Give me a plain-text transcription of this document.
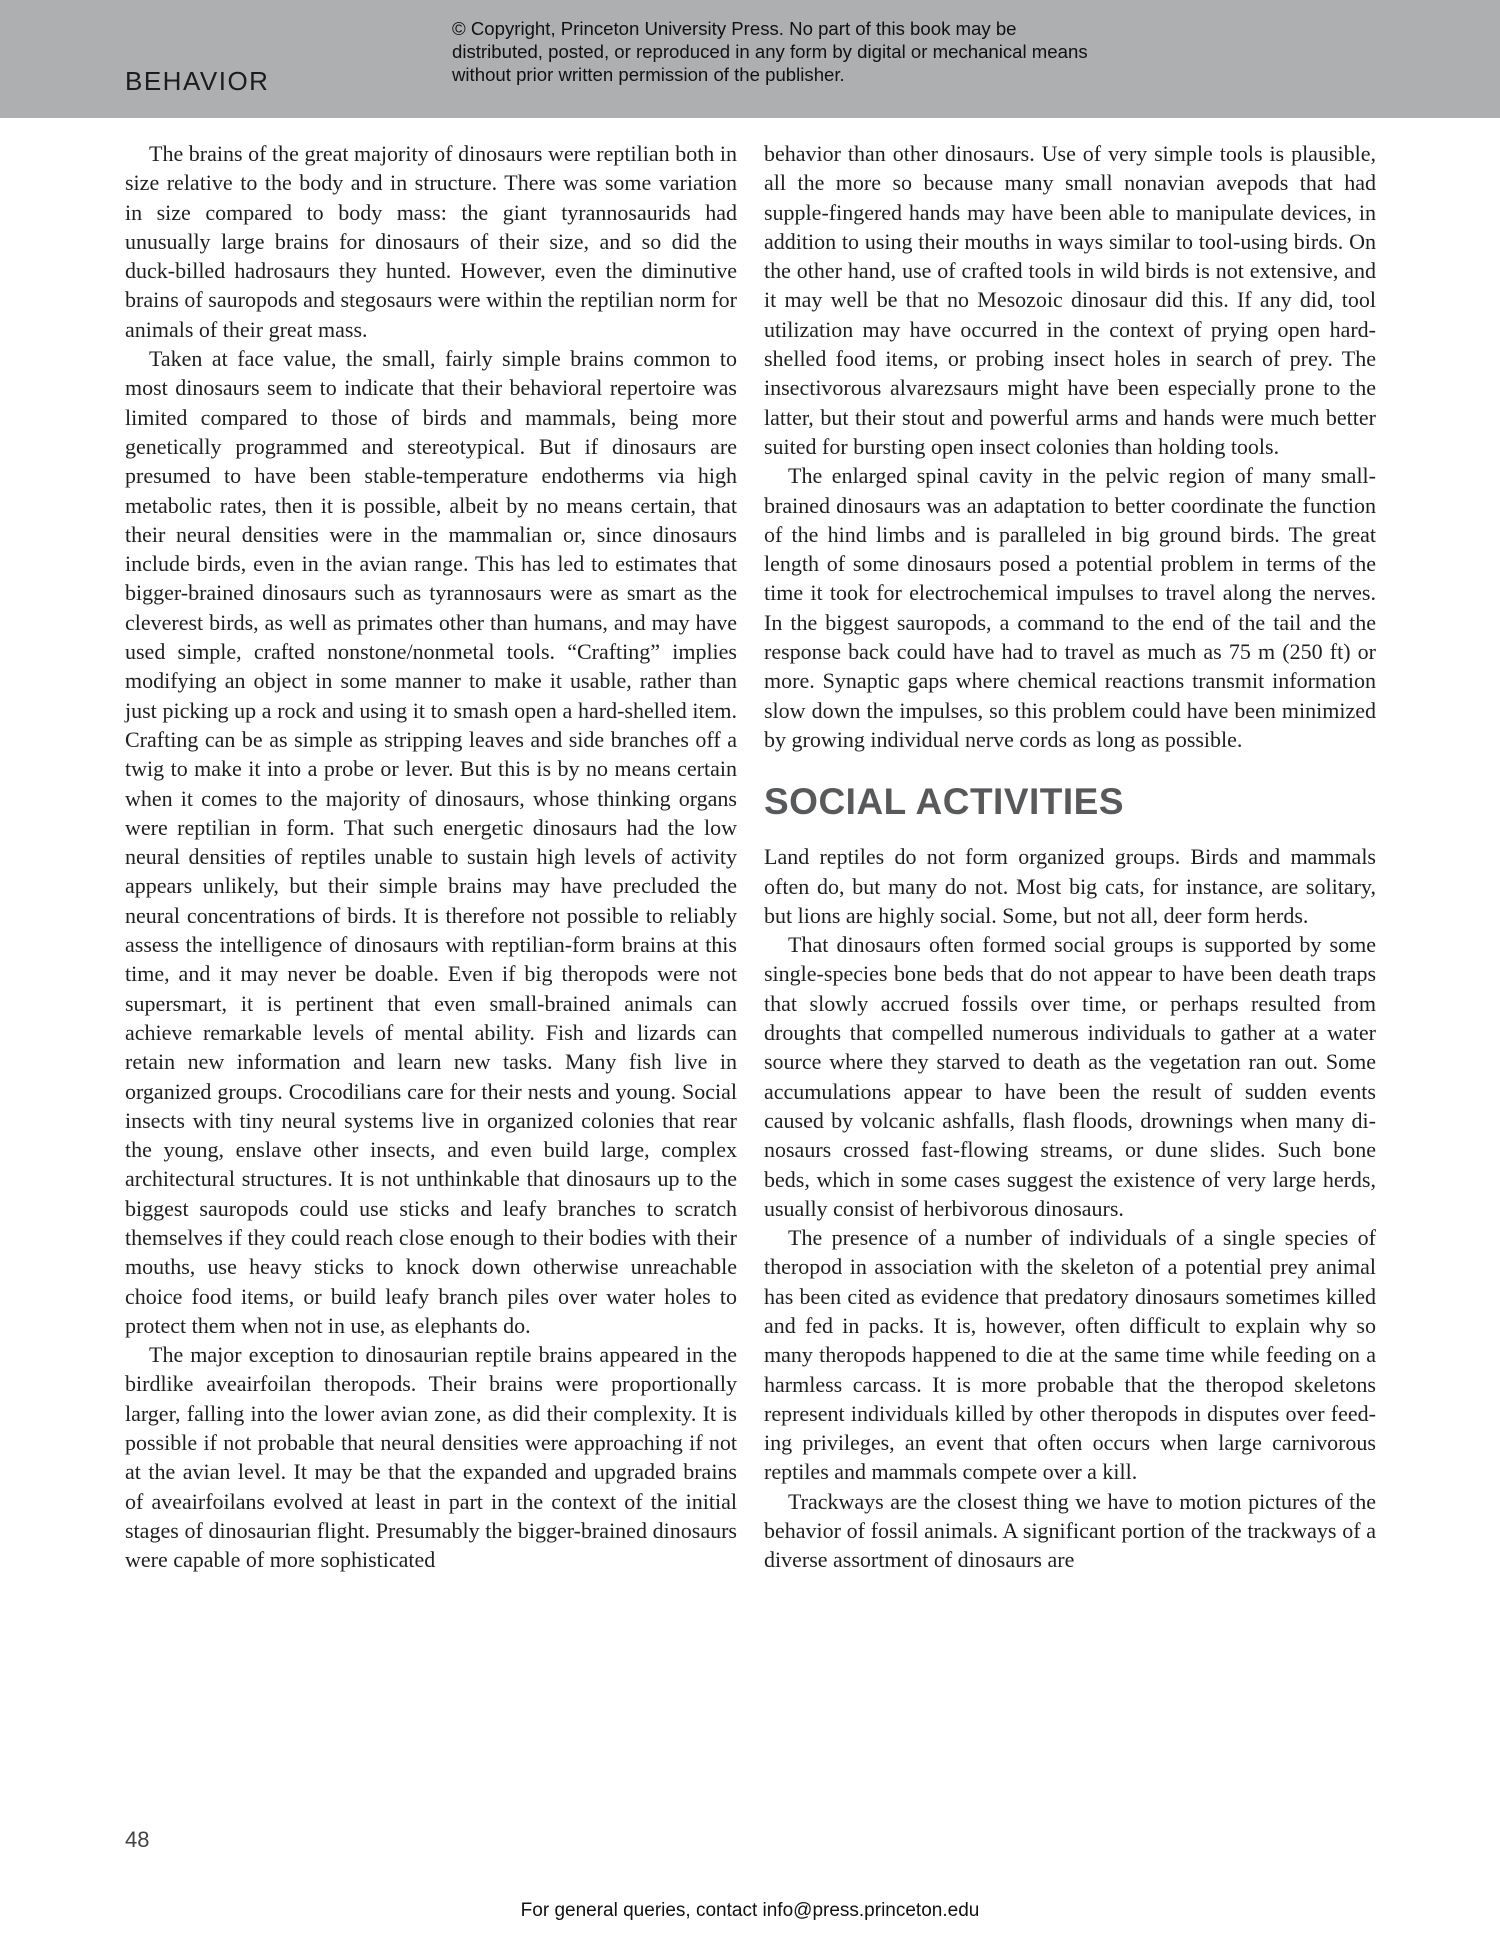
BEHAVIOR
© Copyright, Princeton University Press. No part of this book may be distributed, posted, or reproduced in any form by digital or mechanical means without prior written permission of the publisher.

The brains of the great majority of dinosaurs were reptilian both in size relative to the body and in structure. There was some variation in size compared to body mass: the giant tyrannosaurids had unusually large brains for dinosaurs of their size, and so did the duck-billed hadrosaurs they hunted. However, even the diminutive brains of sauropods and stegosaurs were within the reptilian norm for animals of their great mass.

Taken at face value, the small, fairly simple brains common to most dinosaurs seem to indicate that their behavioral repertoire was limited compared to those of birds and mammals, being more genetically programmed and stereotypical. But if dinosaurs are presumed to have been stable-temperature endotherms via high metabolic rates, then it is possible, albeit by no means certain, that their neural densities were in the mammalian or, since dinosaurs include birds, even in the avian range. This has led to estimates that bigger-brained dinosaurs such as tyrannosaurs were as smart as the cleverest birds, as well as primates other than humans, and may have used simple, crafted nonstone/nonmetal tools. “Crafting” implies modifying an object in some manner to make it usable, rather than just picking up a rock and using it to smash open a hard-shelled item. Crafting can be as simple as stripping leaves and side branches off a twig to make it into a probe or lever. But this is by no means certain when it comes to the majority of dinosaurs, whose thinking organs were reptilian in form. That such energetic dinosaurs had the low neural densities of reptiles unable to sustain high levels of activity appears unlikely, but their simple brains may have precluded the neural concentrations of birds. It is therefore not possible to reliably assess the intelligence of dinosaurs with reptilian-form brains at this time, and it may never be doable. Even if big theropods were not supersmart, it is pertinent that even small-brained animals can achieve remarkable levels of mental ability. Fish and lizards can retain new information and learn new tasks. Many fish live in organized groups. Crocodilians care for their nests and young. Social insects with tiny neural systems live in organized colonies that rear the young, enslave other insects, and even build large, complex architectural structures. It is not unthinkable that dinosaurs up to the biggest sauropods could use sticks and leafy branches to scratch themselves if they could reach close enough to their bodies with their mouths, use heavy sticks to knock down otherwise unreachable choice food items, or build leafy branch piles over water holes to protect them when not in use, as elephants do.

The major exception to dinosaurian reptile brains appeared in the birdlike aveairfoilan theropods. Their brains were proportionally larger, falling into the lower avian zone, as did their complexity. It is possible if not probable that neural densities were approaching if not at the avian level. It may be that the expanded and upgraded brains of aveairfoilans evolved at least in part in the context of the initial stages of dinosaurian flight. Presumably the bigger-brained dinosaurs were capable of more sophisticated

behavior than other dinosaurs. Use of very simple tools is plausible, all the more so because many small nonavian avepods that had supple-fingered hands may have been able to manipulate devices, in addition to using their mouths in ways similar to tool-using birds. On the other hand, use of crafted tools in wild birds is not extensive, and it may well be that no Mesozoic dinosaur did this. If any did, tool utilization may have occurred in the context of prying open hard-shelled food items, or probing insect holes in search of prey. The insectivorous alvarezsaurs might have been especially prone to the latter, but their stout and powerful arms and hands were much better suited for bursting open insect colonies than holding tools.

The enlarged spinal cavity in the pelvic region of many small-brained dinosaurs was an adaptation to better coordinate the function of the hind limbs and is paralleled in big ground birds. The great length of some dinosaurs posed a potential problem in terms of the time it took for electrochemical impulses to travel along the nerves. In the biggest sauropods, a command to the end of the tail and the response back could have had to travel as much as 75 m (250 ft) or more. Synaptic gaps where chemical reactions transmit information slow down the impulses, so this problem could have been minimized by growing individual nerve cords as long as possible.

SOCIAL ACTIVITIES

Land reptiles do not form organized groups. Birds and mammals often do, but many do not. Most big cats, for instance, are solitary, but lions are highly social. Some, but not all, deer form herds.

That dinosaurs often formed social groups is supported by some single-species bone beds that do not appear to have been death traps that slowly accrued fossils over time, or perhaps resulted from droughts that compelled numerous individuals to gather at a water source where they starved to death as the vegetation ran out. Some accumulations appear to have been the result of sudden events caused by volcanic ashfalls, flash floods, drownings when many dinosaurs crossed fast-flowing streams, or dune slides. Such bone beds, which in some cases suggest the existence of very large herds, usually consist of herbivorous dinosaurs.

The presence of a number of individuals of a single species of theropod in association with the skeleton of a potential prey animal has been cited as evidence that predatory dinosaurs sometimes killed and fed in packs. It is, however, often difficult to explain why so many theropods happened to die at the same time while feeding on a harmless carcass. It is more probable that the theropod skeletons represent individuals killed by other theropods in disputes over feeding privileges, an event that often occurs when large carnivorous reptiles and mammals compete over a kill.

Trackways are the closest thing we have to motion pictures of the behavior of fossil animals. A significant portion of the trackways of a diverse assortment of dinosaurs are

48
For general queries, contact info@press.princeton.edu
